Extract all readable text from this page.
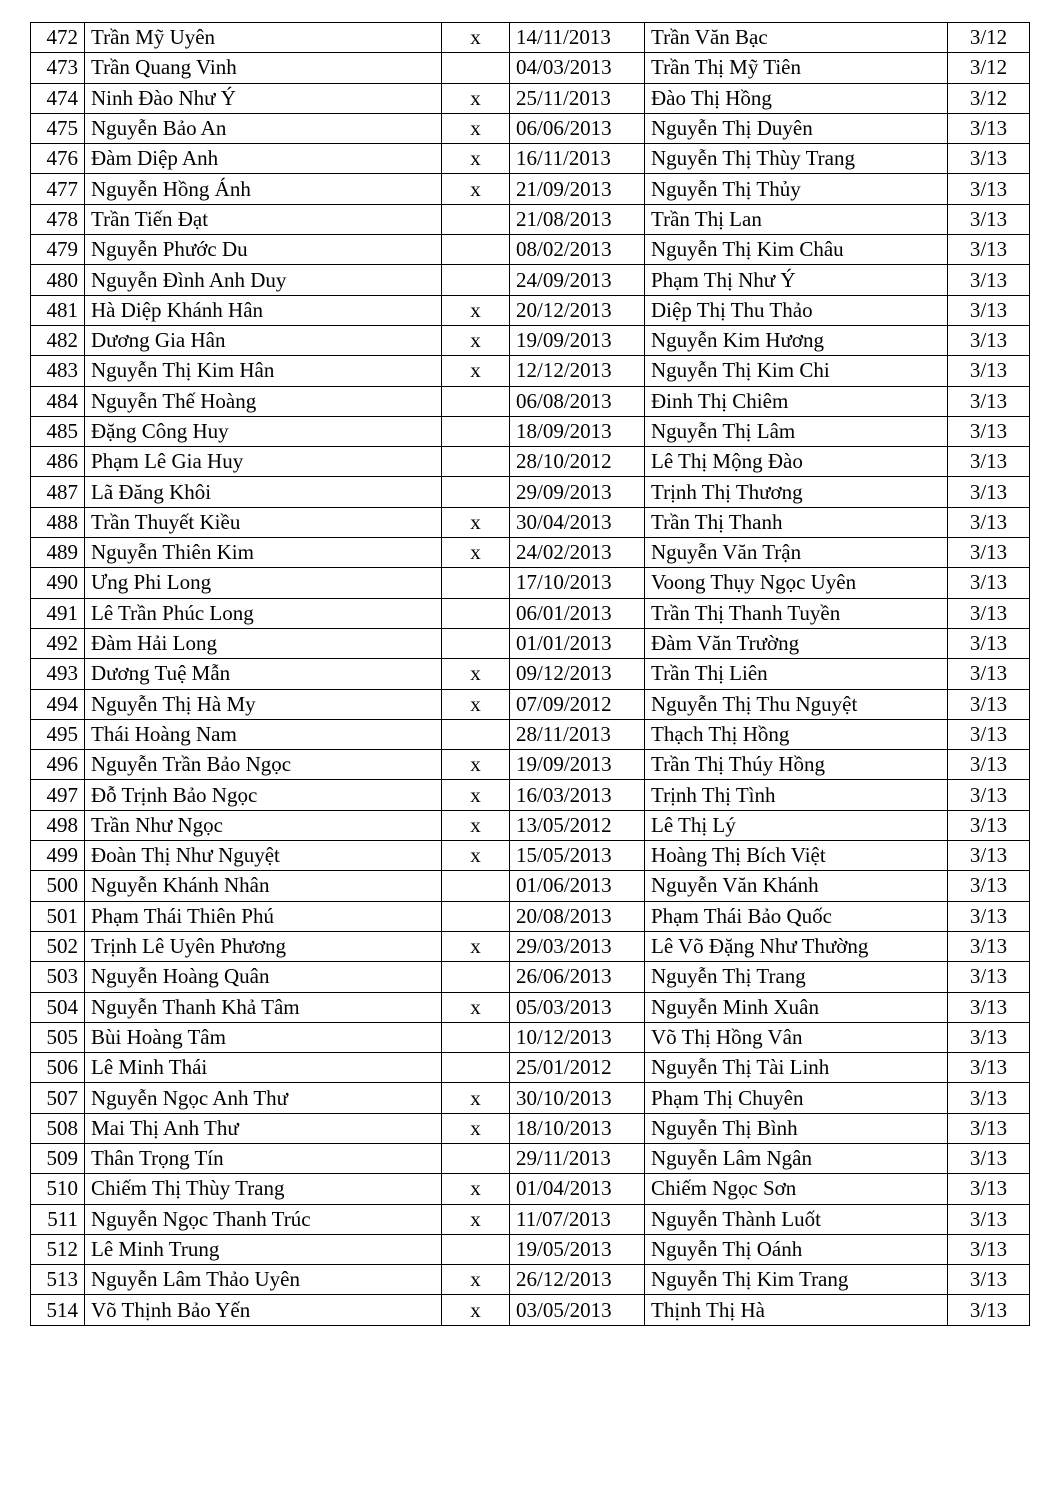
472	Trần Mỹ Uyên	x	14/11/2013	Trần Văn Bạc	3/12
473	Trần Quang Vinh		04/03/2013	Trần Thị Mỹ Tiên	3/12
474	Ninh Đào Như Ý	x	25/11/2013	Đào Thị Hồng	3/12
475	Nguyễn Bảo An	x	06/06/2013	Nguyễn Thị Duyên	3/13
476	Đàm Diệp Anh	x	16/11/2013	Nguyễn Thị Thùy Trang	3/13
477	Nguyễn Hồng Ánh	x	21/09/2013	Nguyễn Thị Thủy	3/13
478	Trần Tiến Đạt		21/08/2013	Trần Thị Lan	3/13
479	Nguyễn Phước Du		08/02/2013	Nguyễn Thị Kim Châu	3/13
480	Nguyễn Đình Anh Duy		24/09/2013	Phạm Thị Như Ý	3/13
481	Hà Diệp Khánh Hân	x	20/12/2013	Diệp Thị Thu Thảo	3/13
482	Dương Gia Hân	x	19/09/2013	Nguyễn Kim Hương	3/13
483	Nguyễn Thị Kim Hân	x	12/12/2013	Nguyễn Thị Kim Chi	3/13
484	Nguyễn Thế Hoàng		06/08/2013	Đinh Thị Chiêm	3/13
485	Đặng Công Huy		18/09/2013	Nguyễn Thị Lâm	3/13
486	Phạm Lê Gia Huy		28/10/2012	Lê Thị Mộng Đào	3/13
487	Lã Đăng Khôi		29/09/2013	Trịnh Thị Thương	3/13
488	Trần Thuyết Kiều	x	30/04/2013	Trần Thị Thanh	3/13
489	Nguyễn Thiên Kim	x	24/02/2013	Nguyễn Văn Trận	3/13
490	Ưng Phi Long		17/10/2013	Voong Thụy Ngọc Uyên	3/13
491	Lê Trần Phúc Long		06/01/2013	Trần Thị Thanh Tuyền	3/13
492	Đàm Hải Long		01/01/2013	Đàm Văn Trường	3/13
493	Dương Tuệ Mẫn	x	09/12/2013	Trần Thị Liên	3/13
494	Nguyễn Thị Hà My	x	07/09/2012	Nguyễn Thị Thu Nguyệt	3/13
495	Thái Hoàng Nam		28/11/2013	Thạch Thị Hồng	3/13
496	Nguyễn Trần Bảo Ngọc	x	19/09/2013	Trần Thị Thúy Hồng	3/13
497	Đỗ Trịnh Bảo Ngọc	x	16/03/2013	Trịnh Thị Tình	3/13
498	Trần Như Ngọc	x	13/05/2012	Lê Thị Lý	3/13
499	Đoàn Thị Như Nguyệt	x	15/05/2013	Hoàng Thị Bích Việt	3/13
500	Nguyễn Khánh Nhân		01/06/2013	Nguyễn Văn Khánh	3/13
501	Phạm Thái Thiên Phú		20/08/2013	Phạm Thái Bảo Quốc	3/13
502	Trịnh Lê Uyên Phương	x	29/03/2013	Lê Võ Đặng Như Thường	3/13
503	Nguyễn Hoàng Quân		26/06/2013	Nguyễn Thị Trang	3/13
504	Nguyễn Thanh Khả Tâm	x	05/03/2013	Nguyễn Minh Xuân	3/13
505	Bùi Hoàng Tâm		10/12/2013	Võ Thị Hồng Vân	3/13
506	Lê Minh Thái		25/01/2012	Nguyễn Thị Tài Linh	3/13
507	Nguyễn Ngọc Anh Thư	x	30/10/2013	Phạm Thị Chuyên	3/13
508	Mai Thị Anh Thư	x	18/10/2013	Nguyễn Thị Bình	3/13
509	Thân Trọng Tín		29/11/2013	Nguyễn Lâm Ngân	3/13
510	Chiếm Thị Thùy Trang	x	01/04/2013	Chiếm Ngọc Sơn	3/13
511	Nguyễn Ngọc Thanh Trúc	x	11/07/2013	Nguyễn Thành Luốt	3/13
512	Lê Minh Trung		19/05/2013	Nguyễn Thị Oánh	3/13
513	Nguyễn Lâm Thảo Uyên	x	26/12/2013	Nguyễn Thị Kim Trang	3/13
514	Võ Thịnh Bảo Yến	x	03/05/2013	Thịnh Thị Hà	3/13
